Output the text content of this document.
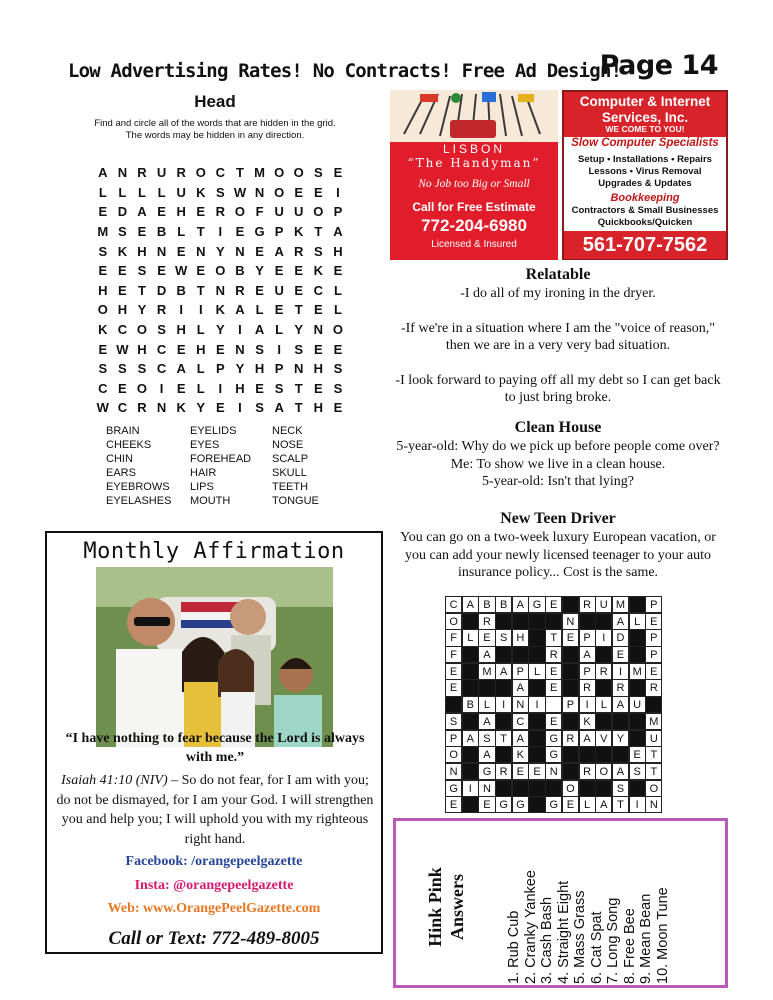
Low Advertising Rates! No Contracts! Free Ad Design!
Page 14
Head
Find and circle all of the words that are hidden in the grid.
The words may be hidden in any direction.
A N R U R O C T M O O S E
L L L L U K S W N O E E	I
E D A E H E R O F U U O P
M S E B L T	I	E G P K T A
S K H N E N Y N E A R S H
E E S E W E O B Y E E K E
H E T D B T N R E U E C L
O H Y R	I	I	K A L E T E L
K C O S H L Y	I	A L Y N O
E W H C E H E N S	I	S E E
S S S C A L P Y H P N H S
C E O I	E L	I	H E S T E S
W C R N K Y E	I	S A T H E
BRAIN
CHEEKS
CHIN
EARS
EYEBROWS
EYELASHES
EYELIDS
EYES
FOREHEAD
HAIR
LIPS
MOUTH
NECK
NOSE
SCALP
SKULL
TEETH
TONGUE
Monthly Affirmation
“I have nothing to fear because the Lord is always with me.”
Isaiah 41:10 (NIV) – So do not fear, for I am with you; do not be dismayed, for I am your God. I will strengthen you and help you; I will uphold you with my righteous right hand.
Facebook: /orangepeelgazette
Insta: @orangepeelgazette
Web: www.OrangePeelGazette.com
Call or Text: 772-489-8005
LISBON
“The Handyman”
No Job too Big or Small
Call for Free Estimate
772-204-6980
Licensed & Insured
Computer & Internet
Services, Inc.
WE COME TO YOU!
Slow Computer Specialists
Setup • Installations • Repairs
Lessons • Virus Removal
Upgrades & Updates
Bookkeeping
Contractors & Small Businesses
Quickbooks/Quicken
561-707-7562
Relatable

-I do all of my ironing in the dryer.

-If we're in a situation where I am the "voice of reason," then we are in a very very bad situation.

-I look forward to paying off all my debt so I can get back to just bring broke.

Clean House
5-year-old: Why do we pick up before people come over?
Me: To show we live in a clean house.
5-year-old: Isn't that lying?
New Teen Driver
You can go on a two-week luxury European vacation, or you can add your newly licensed teenager to your auto insurance policy... Cost is the same.
C A B B A G E	R U M	P
O	R	N	A L E
F L E S H	T E P	I	D	P
F	A	R	A	E	P
E	M A P L E	P R	I M E
E	A	E	R	R	R
B L	I	N	I	P	I	L A U
S	A	C	E	K	M
P A S T A	G R A V Y	U
O	A	K	G	E T
N	G R E E N	R O A S T
G I	N	O	S	O
E	E G G	G E L A T	I	N
Hink Pink Answers
1. Rub Cub 2. Cranky Yankee 3. Cash Bash 4. Straight Eight 5. Mass Grass 6. Cat Spat 7. Long Song 8. Free Bee 9. Mean Bean 10. Moon Tune
